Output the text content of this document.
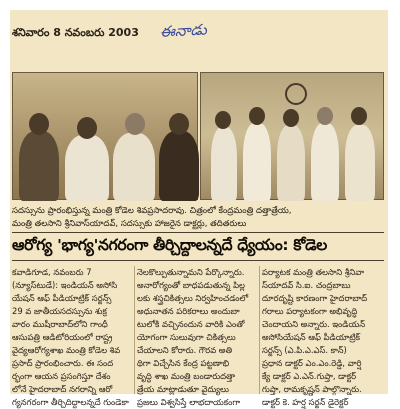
శనివారం 8 నవంబరు 2003 ఈనాడు
సదస్సును ప్రారంభిస్తున్న మంత్రి కోడెల శివప్రసాదరావు. చిత్రంలో కేంద్రమంత్రి దత్తాత్రేయ,
మంత్రి తలసాని శ్రీనివాస్‌యాదవ్, సదస్సుకు హాజరైన డాక్టర్లు, తదితరులు
ఆరోగ్య 'భాగ్య'నగరంగా తీర్చిద్దాలన్నదే ధ్యేయం: కోడెల
కవాడిగూడ, నవంబరు 7
(న్యూస్‌టుడే): ఇండియన్ అసోసి
యేషన్ ఆఫ్ పీడియాట్రిక్ సర్జన్స్
29 వ జాతీయసదస్సును శుక్ర
వారం ముషీరాబాద్‌లోని గాంధీ
ఆసుపత్రి ఆడిటోరియంలో రాష్ట్ర
వైద్యఆరోగ్యశాఖ మంత్రి కోడెల శివ
ప్రసాద్ ప్రారంభించారు. ఈ సంద
ర్భంగా ఆయన ప్రసంగిస్తూ దేశం
లోనే హైదరాబాద్ నగరాన్ని ఆరో
గ్యనగరంగా తీర్చిదిద్దాలన్నదే గుండెకా
నెలకొల్పుతున్నామని పేర్కొన్నారు.
అనారోగ్యంతో బాధపడుతున్న పిల్ల
లకు శస్త్రచికిత్సలు నిర్వహించడంలో
అధునాతన పరికరాలు అందుబా
టులోకి వచ్చినందున వారికి ఎంతో
యోగంగా సులువుగా చికిత్సలు
చేయాలని కోరారు. గౌరవ అతి
థిగా విచ్చేసిన కేంద్ర పట్టణాభి
వృద్ధి శాఖ మంత్రి బండారుదత్తా
త్రేయ మాట్లాడుతూ వైద్యులు
ప్రజలు విశ్వసిస్తే లాభదాయకంగా
పర్యాటక మంత్రి తలసాని శ్రీనివా
స్‌యాదవ్ సి.ఐ. చంద్రబాబు
దూరదృష్టి కారణంగా హైదరాబాద్
గరాలు పర్యాటకంగా అభివృద్ధి
చెందాయని అన్నారు. ఇండియన్
అసోసియేషన్ ఆఫ్ పీడియాట్రిక్
సర్జన్స్ (ఎ.పి.ఎ.ఎస్. కాన్)
ప్రధాన డాక్టర్ ఎం.ఎం.రెడ్డి, వార్షి
క్యే డాక్టర్ ఎ.ఎన్.గుప్తా, డాక్టర్
గుప్తా, రామకృష్ణన్ పాల్గొన్నారు.
డాక్టర్ కె. హర్ష సర్జన్ డైరెక్టర్
